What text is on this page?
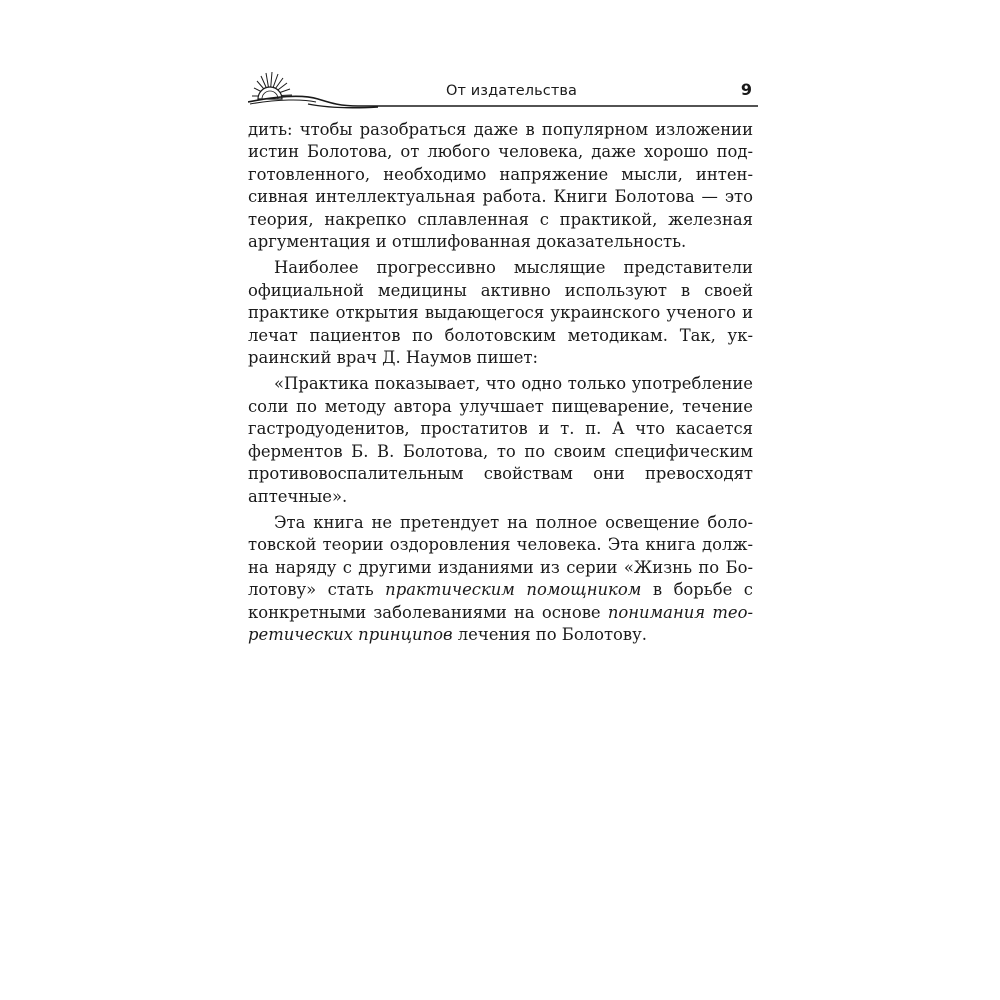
От издательства	9

дить: чтобы разобраться даже в популярном изложении истин Болотова, от любого человека, даже хорошо подготовленного, необходимо напряжение мысли, интенсивная интеллектуальная работа. Книги Болотова — это теория, накрепко сплавленная с практикой, железная аргументация и отшлифованная доказательность.

Наиболее прогрессивно мыслящие представители официальной медицины активно используют в своей практике открытия выдающегося украинского ученого и лечат пациентов по болотовским методикам. Так, украинский врач Д. Наумов пишет:

«Практика показывает, что одно только употребление соли по методу автора улучшает пищеварение, течение гастродуоденитов, простатитов и т. п. А что касается ферментов Б. В. Болотова, то по своим специфическим противовоспалительным свойствам они превосходят аптечные».

Эта книга не претендует на полное освещение болотовской теории оздоровления человека. Эта книга должна наряду с другими изданиями из серии «Жизнь по Болотову» стать практическим помощником в борьбе с конкретными заболеваниями на основе понимания теоретических принципов лечения по Болотову.
